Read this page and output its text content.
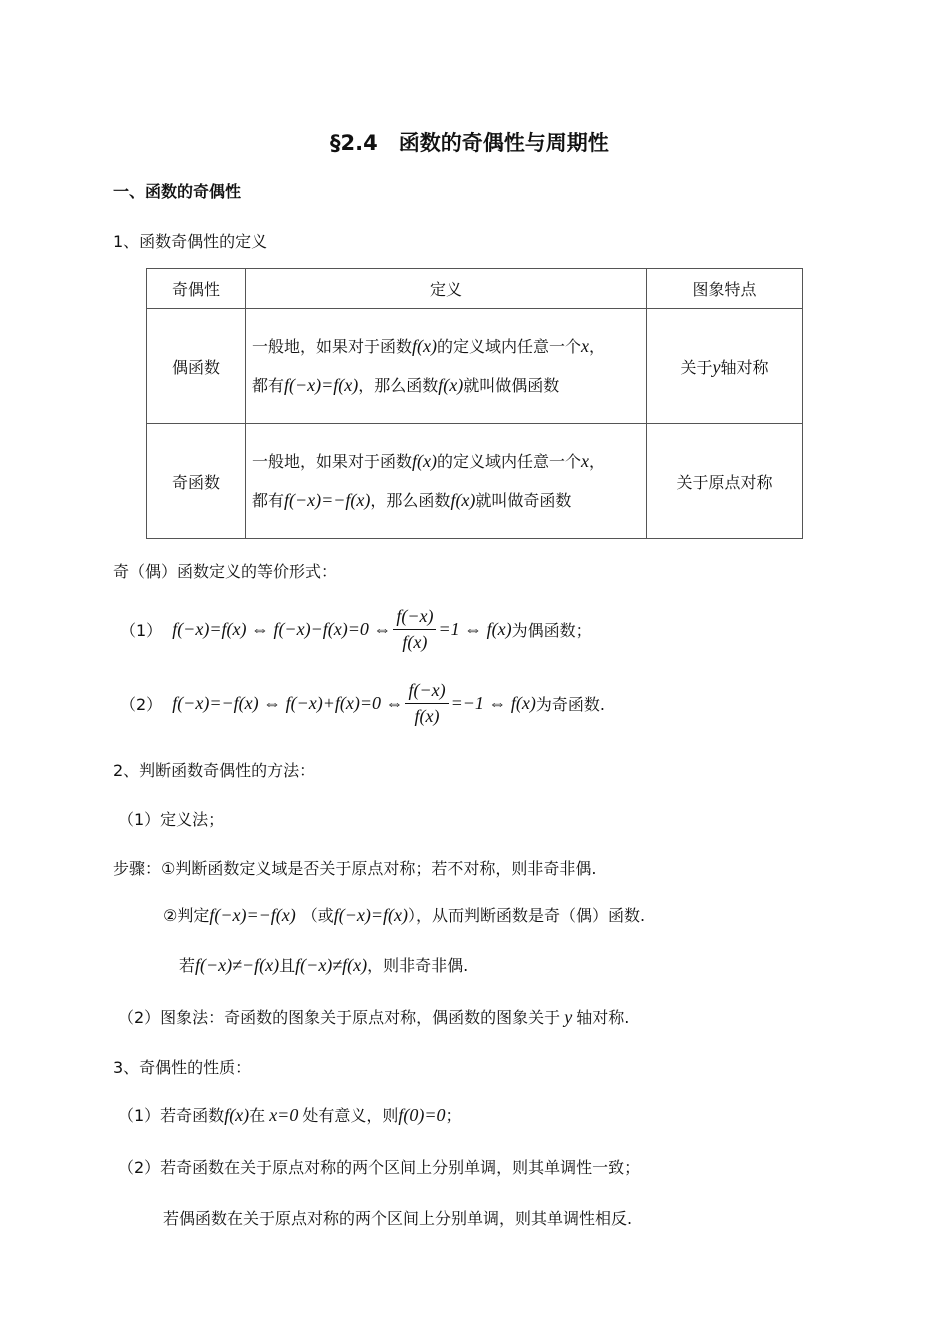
§2.4　函数的奇偶性与周期性
一、函数的奇偶性
1、函数奇偶性的定义
奇偶性	定义	图象特点
偶函数	一般地，如果对于函数f(x)的定义域内任意一个x，
都有f(−x)=f(x)，那么函数f(x)就叫做偶函数	关于y轴对称
奇函数	一般地，如果对于函数f(x)的定义域内任意一个x，
都有f(−x)=−f(x)，那么函数f(x)就叫做奇函数	关于原点对称
奇（偶）函数定义的等价形式：
（1） f(−x)=f(x) ⇔ f(−x)−f(x)=0 ⇔ $\frac{f(-x)}{f(x)} =1$ ⇔ f(x) 为偶函数；
（2） f(−x)=−f(x) ⇔ f(−x)+f(x)=0 ⇔ $\frac{f(-x)}{f(x)} =-1$ ⇔ f(x) 为奇函数.
2、判断函数奇偶性的方法：
（1）定义法；
步骤：①判断函数定义域是否关于原点对称；若不对称，则非奇非偶.
②判定f(−x)=−f(x) （或f(−x)=f(x)），从而判断函数是奇（偶）函数.
若f(−x)≠−f(x)且f(−x)≠f(x)，则非奇非偶.
（2）图象法：奇函数的图象关于原点对称，偶函数的图象关于 y 轴对称.
3、奇偶性的性质：
（1）若奇函数f(x)在 x=0 处有意义，则f(0)=0；
（2）若奇函数在关于原点对称的两个区间上分别单调，则其单调性一致；
若偶函数在关于原点对称的两个区间上分别单调，则其单调性相反.
